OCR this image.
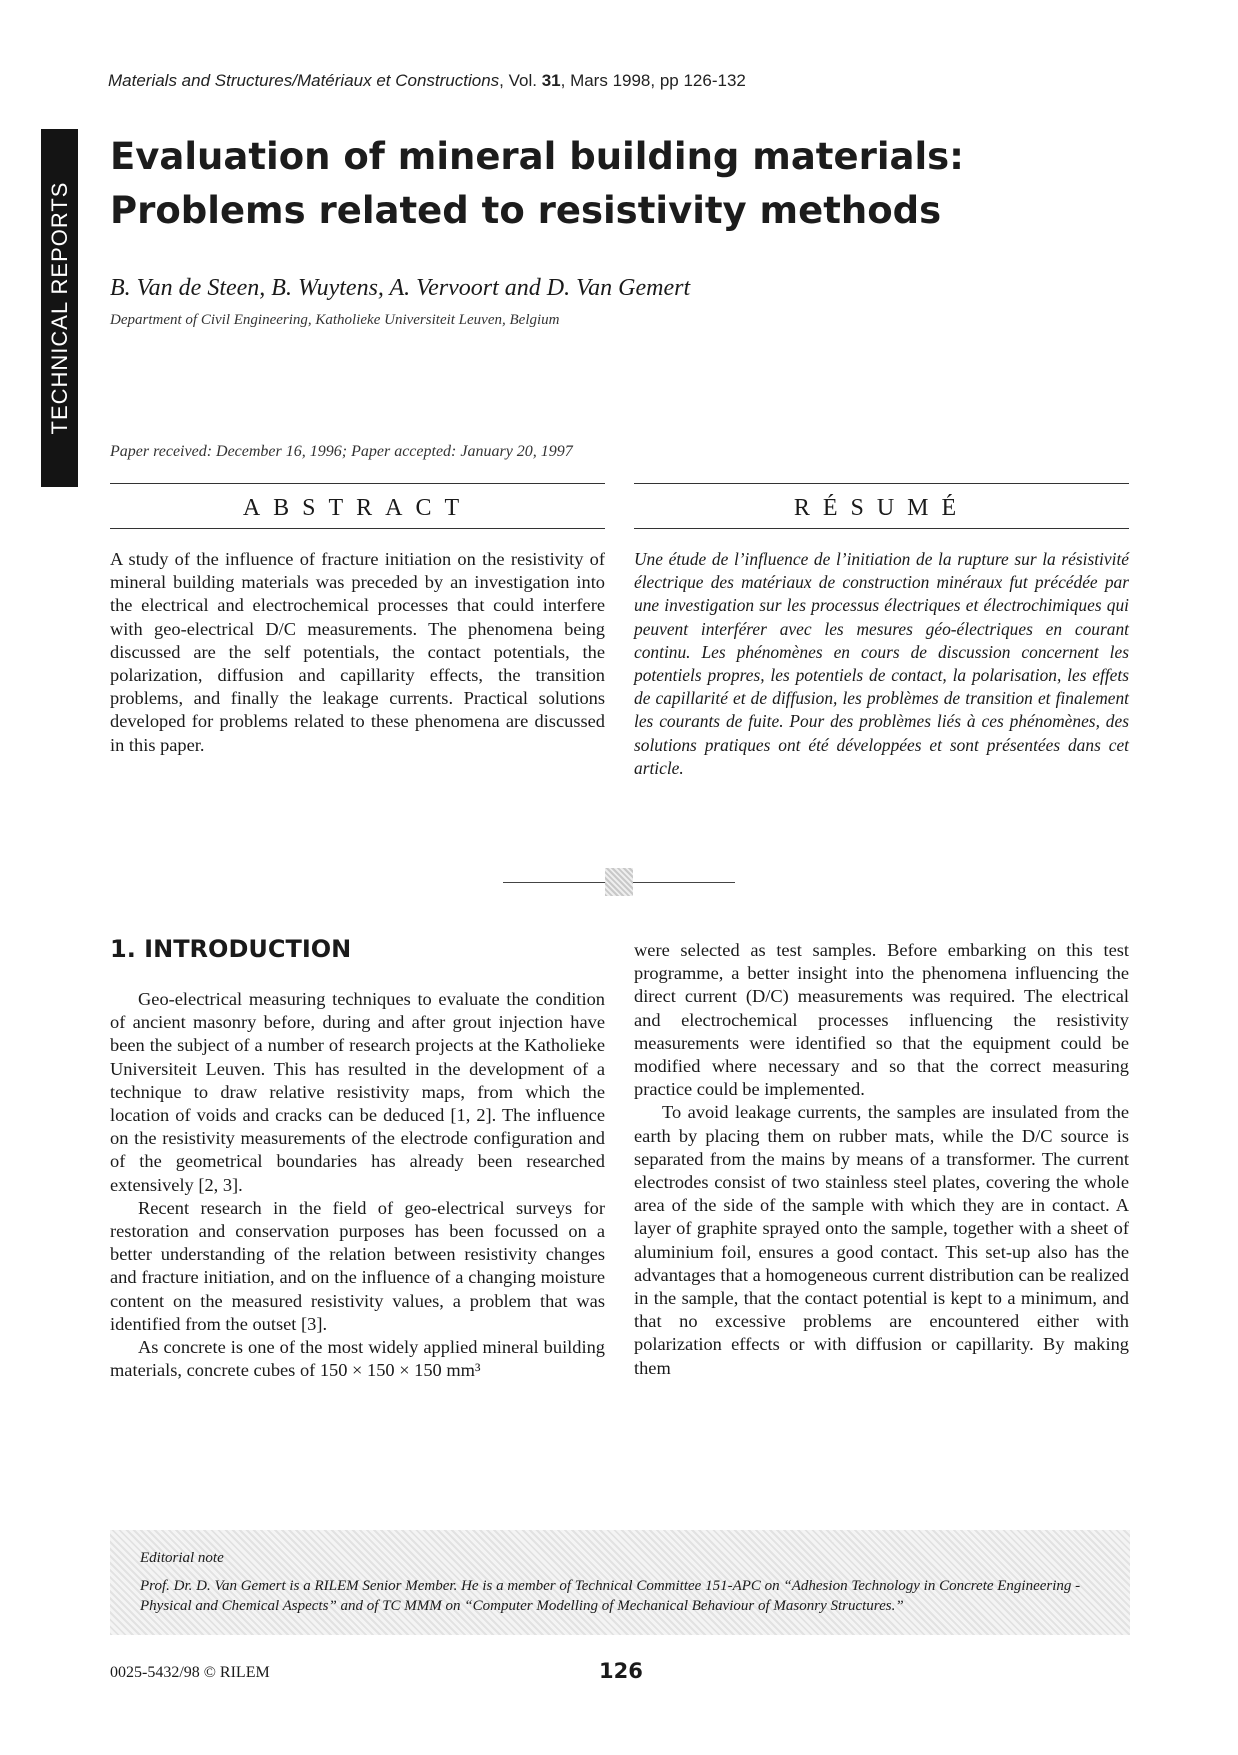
Materials and Structures/Matériaux et Constructions, Vol. 31, Mars 1998, pp 126-132
TECHNICAL REPORTS
Evaluation of mineral building materials: Problems related to resistivity methods
B. Van de Steen, B. Wuytens, A. Vervoort and D. Van Gemert
Department of Civil Engineering, Katholieke Universiteit Leuven, Belgium
Paper received: December 16, 1996; Paper accepted: January 20, 1997
ABSTRACT

A study of the influence of fracture initiation on the resistivity of mineral building materials was preceded by an investigation into the electrical and electrochemical processes that could interfere with geo-electrical D/C measurements. The phenomena being discussed are the self potentials, the contact potentials, the polarization, diffusion and capillarity effects, the transition problems, and finally the leakage currents. Practical solutions developed for problems related to these phenomena are discussed in this paper.

RÉSUMÉ

Une étude de l’influence de l’initiation de la rupture sur la résistivité électrique des matériaux de construction minéraux fut précédée par une investigation sur les processus électriques et électrochimiques qui peuvent interférer avec les mesures géo-électriques en courant continu. Les phénomènes en cours de discussion concernent les potentiels propres, les potentiels de contact, la polarisation, les effets de capillarité et de diffusion, les problèmes de transition et finalement les courants de fuite. Pour des problèmes liés à ces phénomènes, des solutions pratiques ont été développées et sont présentées dans cet article.

1. INTRODUCTION

Geo-electrical measuring techniques to evaluate the condition of ancient masonry before, during and after grout injection have been the subject of a number of research projects at the Katholieke Universiteit Leuven. This has resulted in the development of a technique to draw relative resistivity maps, from which the location of voids and cracks can be deduced [1, 2]. The influence on the resistivity measurements of the electrode configuration and of the geometrical boundaries has already been researched extensively [2, 3].

Recent research in the field of geo-electrical surveys for restoration and conservation purposes has been focussed on a better understanding of the relation between resistivity changes and fracture initiation, and on the influence of a changing moisture content on the measured resistivity values, a problem that was identified from the outset [3].

As concrete is one of the most widely applied mineral building materials, concrete cubes of 150 × 150 × 150 mm³

were selected as test samples. Before embarking on this test programme, a better insight into the phenomena influencing the direct current (D/C) measurements was required. The electrical and electrochemical processes influencing the resistivity measurements were identified so that the equipment could be modified where necessary and so that the correct measuring practice could be implemented.

To avoid leakage currents, the samples are insulated from the earth by placing them on rubber mats, while the D/C source is separated from the mains by means of a transformer. The current electrodes consist of two stainless steel plates, covering the whole area of the side of the sample with which they are in contact. A layer of graphite sprayed onto the sample, together with a sheet of aluminium foil, ensures a good contact. This set-up also has the advantages that a homogeneous current distribution can be realized in the sample, that the contact potential is kept to a minimum, and that no excessive problems are encountered either with polarization effects or with diffusion or capillarity. By making them

Editorial note
Prof. Dr. D. Van Gemert is a RILEM Senior Member. He is a member of Technical Committee 151-APC on “Adhesion Technology in Concrete Engineering - Physical and Chemical Aspects” and of TC MMM on “Computer Modelling of Mechanical Behaviour of Masonry Structures.”
0025-5432/98 © RILEM	126
